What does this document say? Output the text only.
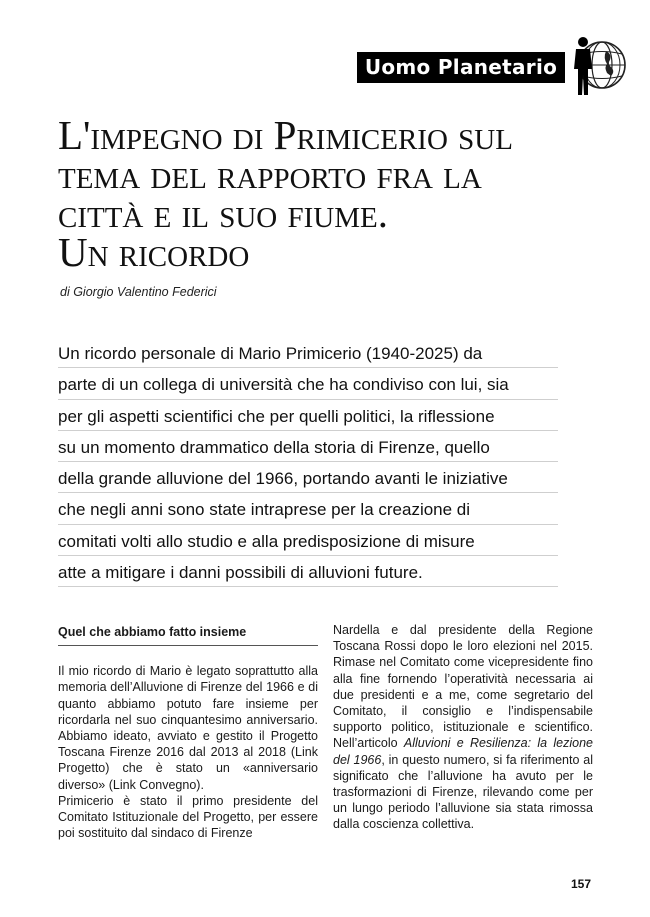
Uomo Planetario
L'impegno di Primicerio sul
tema del rapporto fra la
città e il suo fiume.
Un ricordo
di Giorgio Valentino Federici
Un ricordo personale di Mario Primicerio (1940-2025) da
parte di un collega di università che ha condiviso con lui, sia
per gli aspetti scientifici che per quelli politici, la riflessione
su un momento drammatico della storia di Firenze, quello
della grande alluvione del 1966, portando avanti le iniziative
che negli anni sono state intraprese per la creazione di
comitati volti allo studio e alla predisposizione di misure
atte a mitigare i danni possibili di alluvioni future.
Quel che abbiamo fatto insieme

Il mio ricordo di Mario è legato soprattutto alla memoria dell’Alluvione di Firenze del 1966 e di quanto abbiamo potuto fare insieme per ricordarla nel suo cinquantesimo anniversario. Abbiamo ideato, avviato e gestito il Progetto Toscana Firenze 2016 dal 2013 al 2018 (Link Progetto) che è stato un «anniversario diverso» (Link Convegno).

Primicerio è stato il primo presidente del Comitato Istituzionale del Progetto, per essere poi sostituito dal sindaco di Firenze

Nardella e dal presidente della Regione Toscana Rossi dopo le loro elezioni nel 2015. Rimase nel Comitato come vicepresidente fino alla fine fornendo l’operatività necessaria ai due presidenti e a me, come segretario del Comitato, il consiglio e l’indispensabile supporto politico, istituzionale e scientifico. Nell’articolo Alluvioni e Resilienza: la lezione del 1966, in questo numero, si fa riferimento al significato che l’alluvione ha avuto per le trasformazioni di Firenze, rilevando come per un lungo periodo l’alluvione sia stata rimossa dalla coscienza collettiva.

157
